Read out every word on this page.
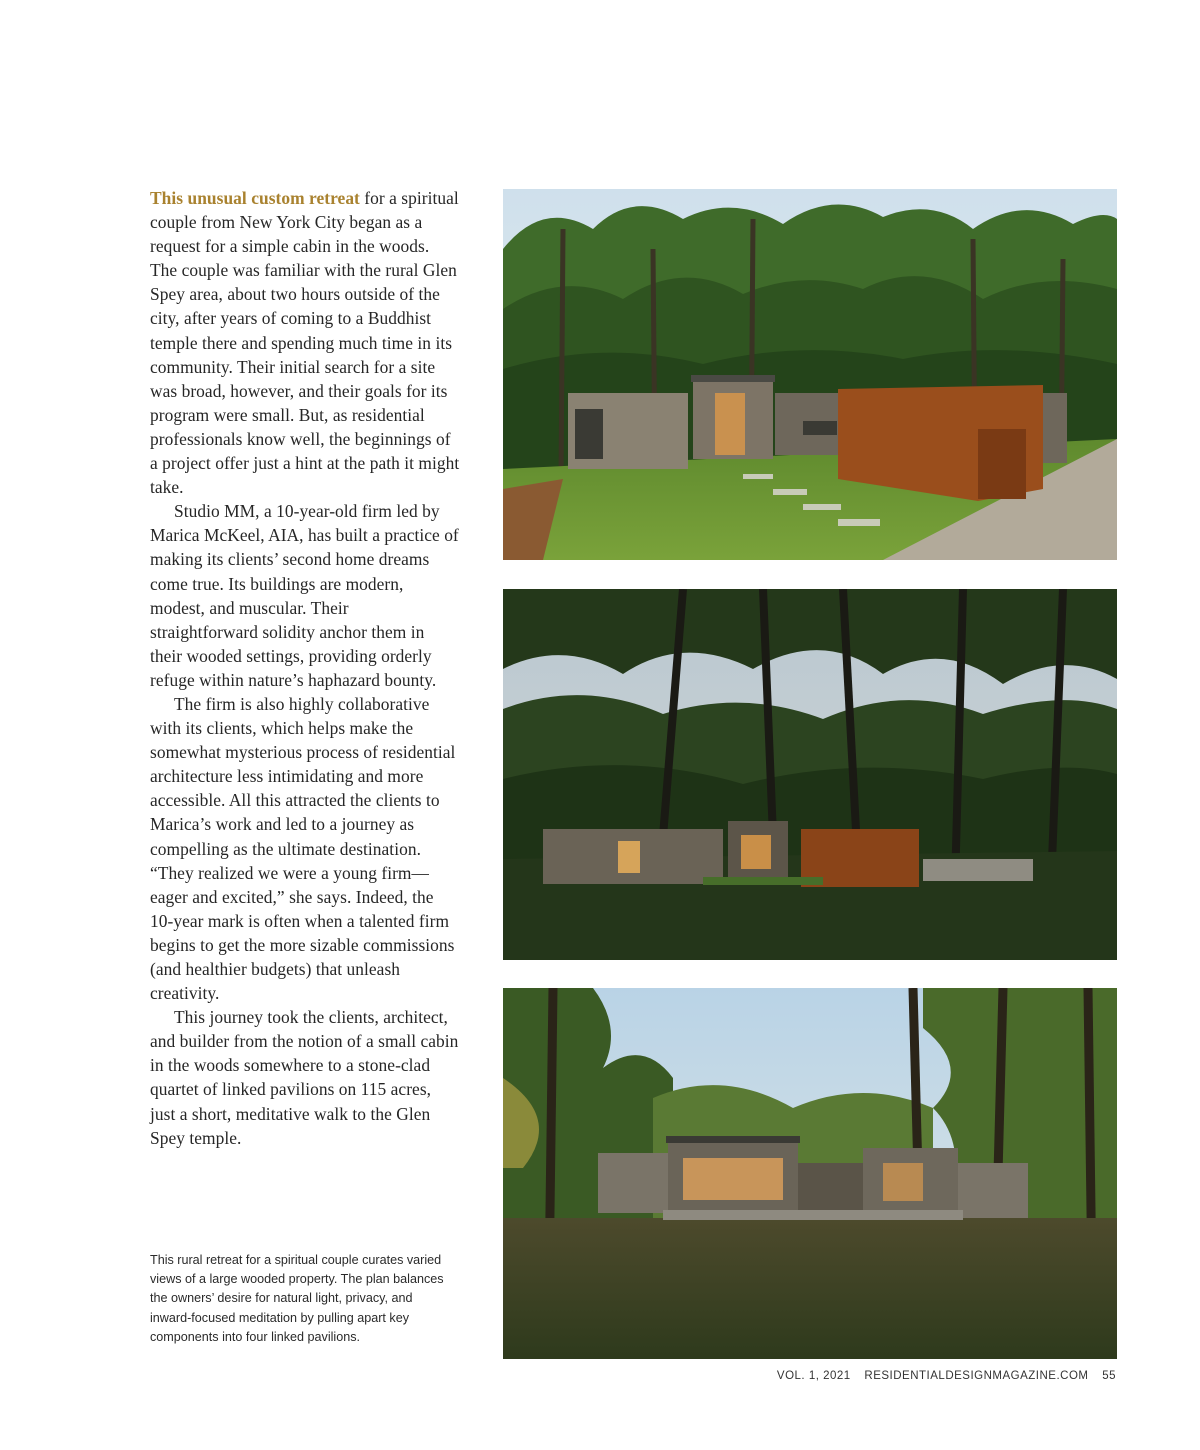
This unusual custom retreat for a spiritual couple from New York City began as a request for a simple cabin in the woods. The couple was familiar with the rural Glen Spey area, about two hours outside of the city, after years of coming to a Buddhist temple there and spending much time in its community. Their initial search for a site was broad, however, and their goals for its program were small. But, as residential professionals know well, the beginnings of a project offer just a hint at the path it might take.

Studio MM, a 10-year-old firm led by Marica McKeel, AIA, has built a practice of making its clients’ second home dreams come true. Its buildings are modern, modest, and muscular. Their straightforward solidity anchor them in their wooded settings, providing orderly refuge within nature’s haphazard bounty.

The firm is also highly collaborative with its clients, which helps make the somewhat mysterious process of residential architecture less intimidating and more accessible. All this attracted the clients to Marica’s work and led to a journey as compelling as the ultimate destination. “They realized we were a young firm—eager and excited,” she says. Indeed, the 10-year mark is often when a talented firm begins to get the more sizable commissions (and healthier budgets) that unleash creativity.

This journey took the clients, architect, and builder from the notion of a small cabin in the woods somewhere to a stone-clad quartet of linked pavilions on 115 acres, just a short, meditative walk to the Glen Spey temple.

This rural retreat for a spiritual couple curates varied views of a large wooded property. The plan balances the owners’ desire for natural light, privacy, and inward-focused meditation by pulling apart key components into four linked pavilions.
VOL. 1, 2021 RESIDENTIALDESIGNMAGAZINE.COM 55
